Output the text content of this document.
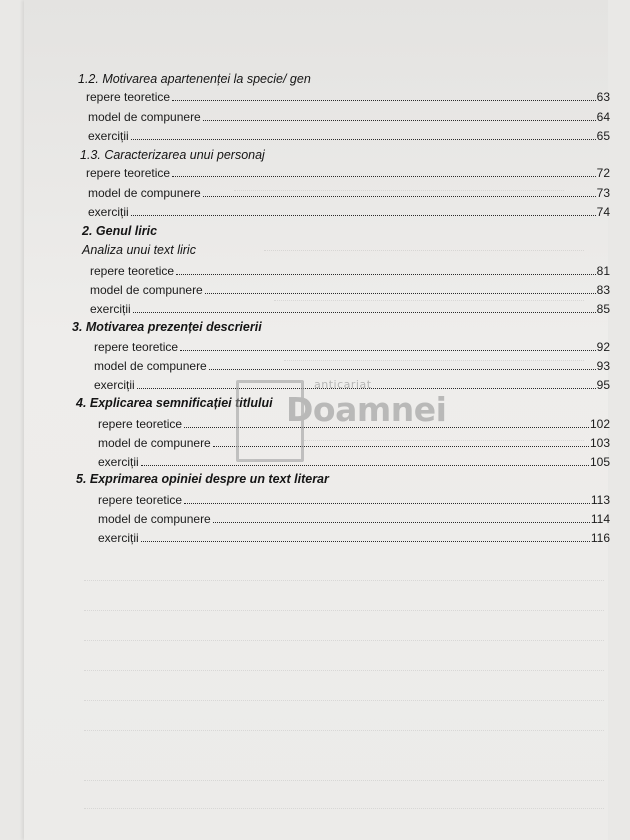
1.2. Motivarea apartenenței la specie/ gen
repere teoretice	63
model de compunere	64
exerciții	65
1.3. Caracterizarea unui personaj
repere teoretice	72
model de compunere	73
exerciții	74
2. Genul liric
Analiza unui text liric
repere teoretice	81
model de compunere	83
exerciții	85
3. Motivarea prezenței descrierii
repere teoretice	92
model de compunere	93
exerciții	95
4. Explicarea semnificației titlului
repere teoretice	102
model de compunere	103
exerciții	105
5. Exprimarea opiniei despre un text literar
repere teoretice	113
model de compunere	114
exerciții	116
anticariat
Doamnei
